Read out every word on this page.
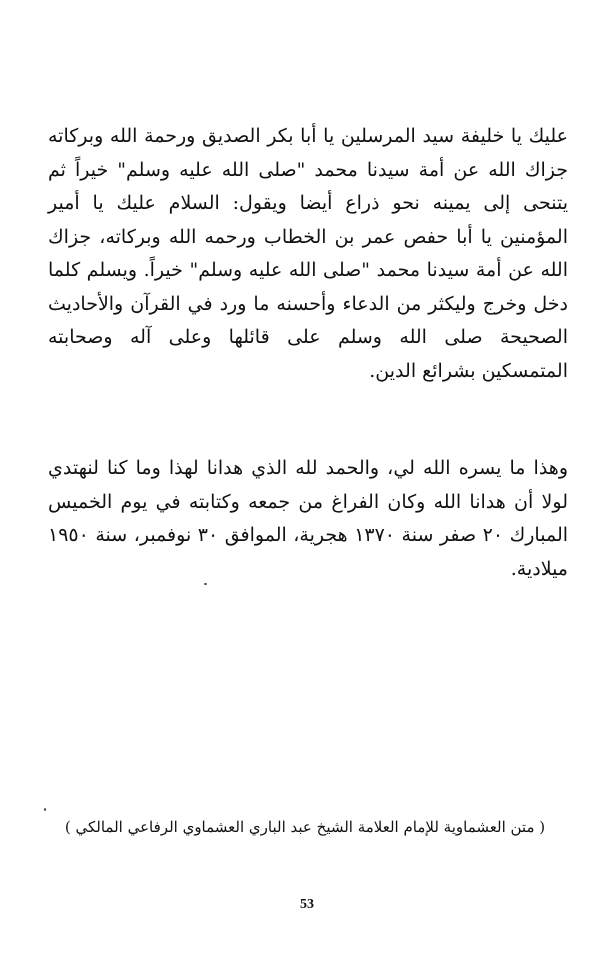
عليك يا خليفة سيد المرسلين يا أبا بكر الصديق ورحمة الله وبركاته جزاك الله عن أمة سيدنا محمد "صلى الله عليه وسلم" خيراً ثم يتنحى إلى يمينه نحو ذراع أيضا ويقول: السلام عليك يا أمير المؤمنين يا أبا حفص عمر بن الخطاب ورحمه الله وبركاته، جزاك الله عن أمة سيدنا محمد "صلى الله عليه وسلم" خيراً. ويسلم كلما دخل وخرج وليكثر من الدعاء وأحسنه ما ورد في القرآن والأحاديث الصحيحة صلى الله وسلم على قائلها وعلى آله وصحابته المتمسكين بشرائع الدين.

وهذا ما يسره الله لي، والحمد لله الذي هدانا لهذا وما كنا لنهتدي لولا أن هدانا الله وكان الفراغ من جمعه وكتابته في يوم الخميس المبارك ٢٠ صفر سنة ١٣٧٠ هجرية، الموافق ٣٠ نوفمبر، سنة ١٩٥٠ ميلادية.

( متن العشماوية للإمام العلامة الشيخ عبد الباري العشماوي الرفاعي المالكي )

53
